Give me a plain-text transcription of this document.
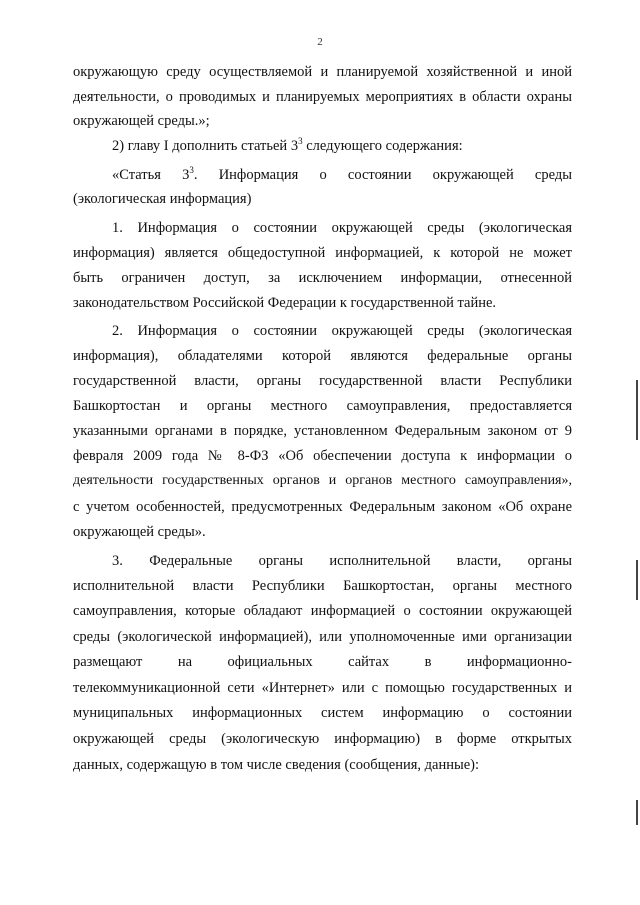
2
окружающую среду осуществляемой и планируемой хозяйственной и иной
деятельности, о проводимых и планируемых мероприятиях в области охраны
окружающей среды.»;
2) главу I дополнить статьей $3^3$ следующего содержания:
«Статья $3^3$. Информация о состоянии окружающей среды
(экологическая информация)
1. Информация о состоянии окружающей среды (экологическая
информация) является общедоступной информацией, к которой не может
быть ограничен доступ, за исключением информации, отнесенной
законодательством Российской Федерации к государственной тайне.
2. Информация о состоянии окружающей среды (экологическая
информация), обладателями которой являются федеральные органы
государственной власти, органы государственной власти Республики
Башкортостан и органы местного самоуправления, предоставляется
указанными органами в порядке, установленном Федеральным законом от 9
февраля 2009 года № 8-ФЗ «Об обеспечении доступа к информации о
деятельности государственных органов и органов местного самоуправления»,
с учетом особенностей, предусмотренных Федеральным законом «Об охране
окружающей среды».
3. Федеральные органы исполнительной власти, органы
исполнительной власти Республики Башкортостан, органы местного
самоуправления, которые обладают информацией о состоянии окружающей
среды (экологической информацией), или уполномоченные ими организации
размещают на официальных сайтах в информационно-
телекоммуникационной сети «Интернет» или с помощью государственных и
муниципальных информационных систем информацию о состоянии
окружающей среды (экологическую информацию) в форме открытых
данных, содержащую в том числе сведения (сообщения, данные):
